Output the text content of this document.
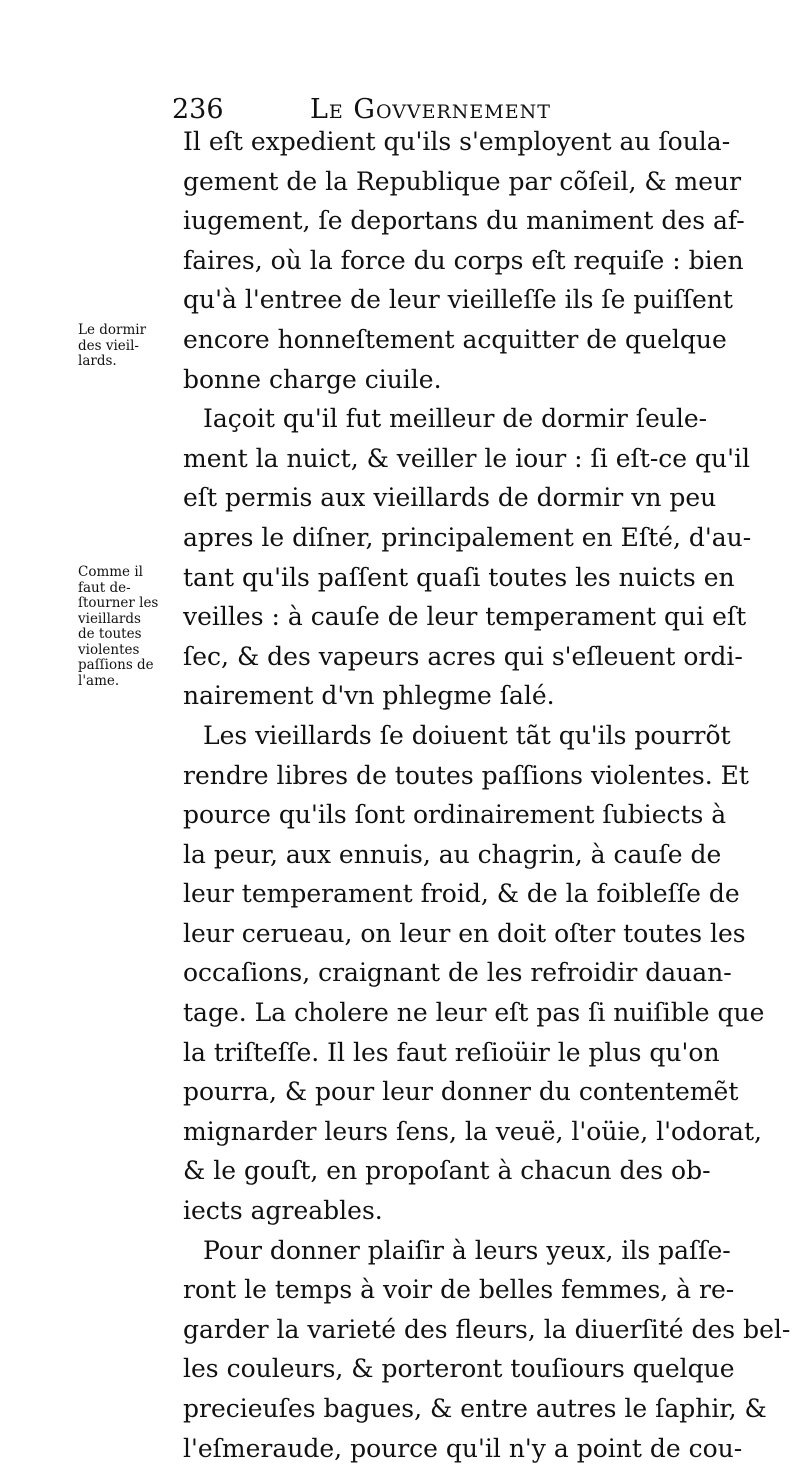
236	Le Govvernement
Le dormir
des vieil-
lards.
Comme il
faut de-
ſtourner les
vieillards
de toutes
violentes
paſſions de
l'ame.
Il eſt expedient qu'ils s'employent au ſoula-
gement de la Republique par cõſeil, & meur
iugement, ſe deportans du maniment des af-
faires, où la force du corps eſt requiſe : bien
qu'à l'entree de leur vieilleſſe ils ſe puiſſent
encore honneſtement acquitter de quelque
bonne charge ciuile.
Iaçoit qu'il fut meilleur de dormir ſeule-
ment la nuict, & veiller le iour : ſi eſt-ce qu'il
eſt permis aux vieillards de dormir vn peu
apres le diſner, principalement en Eſté, d'au-
tant qu'ils paſſent quaſi toutes les nuicts en
veilles : à cauſe de leur temperament qui eſt
ſec, & des vapeurs acres qui s'eſleuent ordi-
nairement d'vn phlegme ſalé.
Les vieillards ſe doiuent tãt qu'ils pourrõt
rendre libres de toutes paſſions violentes. Et
pource qu'ils ſont ordinairement ſubiects à
la peur, aux ennuis, au chagrin, à cauſe de
leur temperament froid, & de la foibleſſe de
leur cerueau, on leur en doit oſter toutes les
occaſions, craignant de les refroidir dauan-
tage. La cholere ne leur eſt pas ſi nuiſible que
la triſteſſe. Il les faut reſioüir le plus qu'on
pourra, & pour leur donner du contentemẽt
mignarder leurs ſens, la veuë, l'oüie, l'odorat,
& le gouſt, en propoſant à chacun des ob-
iects agreables.
Pour donner plaiſir à leurs yeux, ils paſſe-
ront le temps à voir de belles femmes, à re-
garder la varieté des fleurs, la diuerſité des bel-
les couleurs, & porteront touſiours quelque
precieuſes bagues, & entre autres le ſaphir, &
l'eſmeraude, pource qu'il n'y a point de cou-
